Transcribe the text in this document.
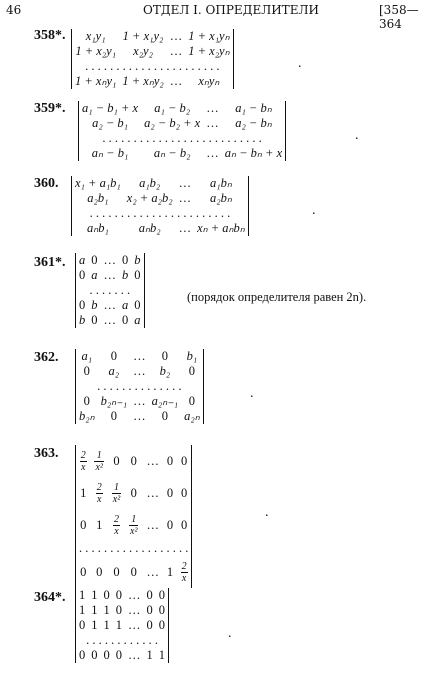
46	ОТДЕЛ I. ОПРЕДЕЛИТЕЛИ	[358—364
358*. x₁y₁	1 + x₁y₂	…	1 + x₁yₙ
1 + x₂y₁	x₂y₂	…	1 + x₂yₙ
. . . . . . . . . . . . . . . . . . . . . .			
1 + xₙy₁	1 + xₙy₂	…	xₙyₙ
.
359*. a₁ − b₁ + x	a₁ − b₂	…	a₁ − bₙ
a₂ − b₁	a₂ − b₂ + x	…	a₂ − bₙ
. . . . . . . . . . . . . . . . . . . . . . . . . .			
aₙ − b₁	aₙ − b₂	…	aₙ − bₙ + x
.
360. x₁ + a₁b₁	a₁b₂	…	a₁bₙ
a₂b₁	x₂ + a₂b₂	…	a₂bₙ
. . . . . . . . . . . . . . . . . . . . . . .			
aₙb₁	aₙb₂	…	xₙ + aₙbₙ
.
361*. a	0	…	0	b
0	a	…	b	0
. . . . . . .				
0	b	…	a	0
b	0	…	0	a
(порядок определителя равен 2n).
362. a₁	0	…	0	b₁
0	a₂	…	b₂	0
. . . . . . . . . . . . . .				
0	b₂ₙ₋₁	…	a₂ₙ₋₁	0
b₂ₙ	0	…	0	a₂ₙ
.
363. $\frac{2}{x}$	$\frac{1}{\text{x²}}$	0	0	…	0	0
1	$\frac{2}{x}$	$\frac{1}{\text{x²}}$	0	…	0	0
0	1	$\frac{2}{x}$	$\frac{1}{\text{x²}}$	…	0	0
. . . . . . . . . . . . . . . . . .						
0	0	0	0	…	1	$\frac{2}{x}$
.
364*. 1	1	0	0	…	0	0
1	1	1	0	…	0	0
0	1	1	1	…	0	0
. . . . . . . . . . . .						
0	0	0	0	…	1	1
.
